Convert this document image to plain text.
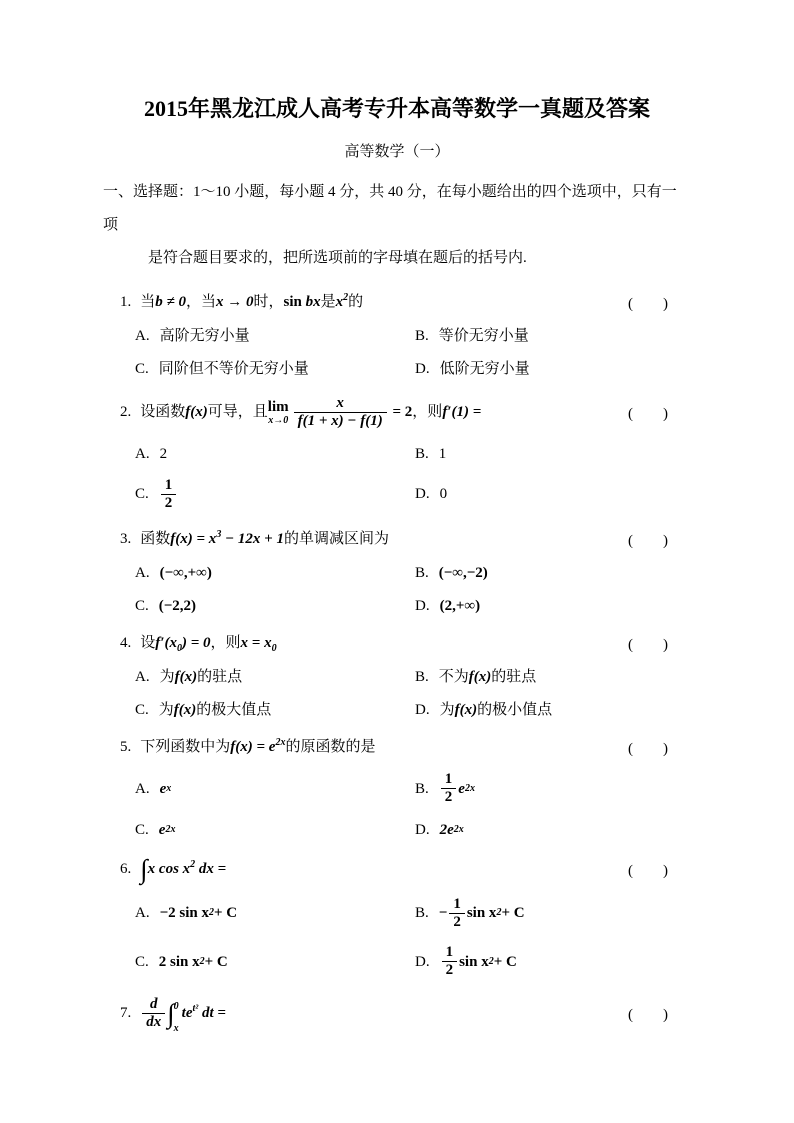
2015年黑龙江成人高考专升本高等数学一真题及答案
高等数学（一）
一、选择题：1～10 小题，每小题 4 分，共 40 分，在每小题给出的四个选项中，只有一项
是符合题目要求的，把所选项前的字母填在题后的括号内.
1. 当b ≠ 0，当x → 0时，sin bx是$x^2$的	(　　)
A. 高阶无穷小量	B. 等价无穷小量
C. 同阶但不等价无穷小量	D. 低阶无穷小量
2. 设函数f(x)可导，且 lim
$x\to 0 \frac{x}{f(1 + x) - f(1)} = 2$，则f′(1) =	(　　)
A. 2	B. 1
C. $\frac{1}{2}$	D. 0
3. 函数$f(x) = x^3 - 12x + 1$的单调减区间为	(　　)
A. (−∞,+∞)	B. (−∞,−2)
C. (−2,2)	D. (2,+∞)
4. 设$f'(x_0) = 0$，则$x = x_0$	(　　)
A. 为 f(x) 的驻点	B. 不为 f(x) 的驻点
C. 为 f(x) 的极大值点	D. 为 f(x) 的极小值点
5. 下列函数中为$f(x) = e^{2x}$的原函数的是	(　　)
A. e x	B. $\frac{1}{2}$ e 2x
C. e 2x	D. 2e 2x
6. ∫x $\cos x^2$ dx =	(　　)
A. −2 sin x 2 + C	B. − $\frac{1}{2}$ sin x 2 + C
C. 2 sin x 2 + C	D. $\frac{1}{2}$ sin x 2 + C
7. $\frac{d}{dx}$ ∫ 0
x
$te^{t^2}$ dt =	(　　)
